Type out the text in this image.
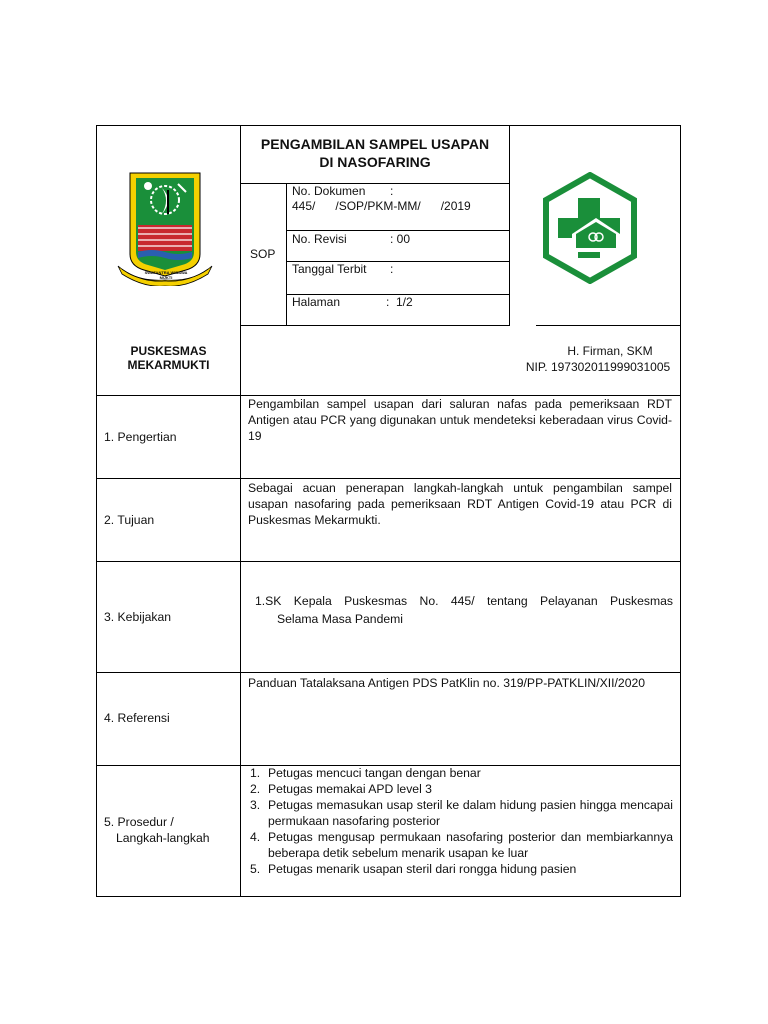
SWATANTRA WIBAWA MUKTI
PUSKESMAS
MEKARMUKTI
PENGAMBILAN SAMPEL USAPAN
DI NASOFARING
SOP
No. Dokumen :
445/      /SOP/PKM-MM/      /2019
No. Revisi	: 00
Tanggal Terbit :
Halaman	:  1/2
H. Firman, SKM
NIP. 197302011999031005
1. Pengertian
Pengambilan sampel usapan dari saluran nafas pada pemeriksaan RDT Antigen atau PCR yang digunakan untuk mendeteksi keberadaan virus Covid-19
2. Tujuan
Sebagai acuan penerapan langkah-langkah untuk pengambilan sampel usapan nasofaring pada pemeriksaan RDT Antigen Covid-19 atau PCR di Puskesmas Mekarmukti.
3. Kebijakan
1.SK Kepala Puskesmas No. 445/ tentang Pelayanan Puskesmas
Selama Masa Pandemi
4. Referensi
Panduan Tatalaksana Antigen PDS PatKlin no. 319/PP-PATKLIN/XII/2020
5. Prosedur /
Langkah-langkah
1. Petugas mencuci tangan dengan benar
2. Petugas memakai APD level 3
3. Petugas memasukan usap steril ke dalam hidung pasien hingga mencapai permukaan nasofaring posterior
4. Petugas mengusap permukaan nasofaring posterior dan membiarkannya beberapa detik sebelum menarik usapan ke luar
5. Petugas menarik usapan steril dari rongga hidung pasien
